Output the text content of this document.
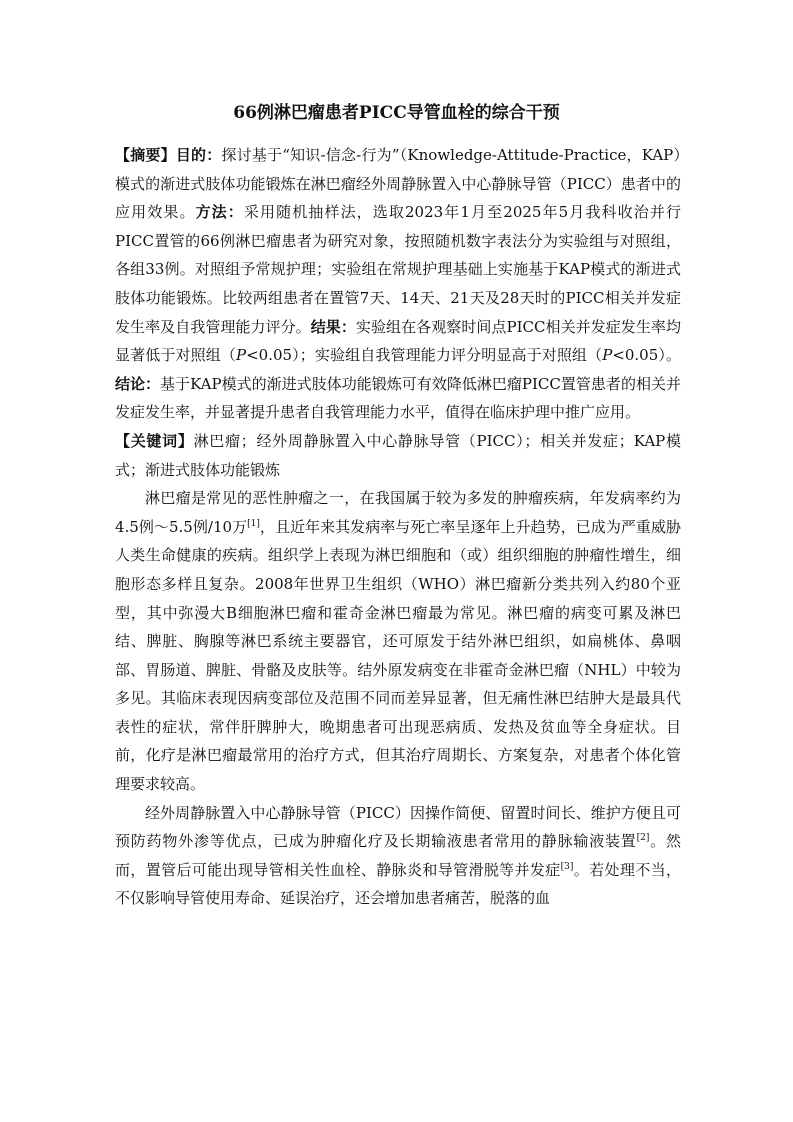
66例淋巴瘤患者PICC导管血栓的综合干预

【摘要】目的：探讨基于“知识-信念-行为”（Knowledge-Attitude-Practice，KAP）模式的渐进式肢体功能锻炼在淋巴瘤经外周静脉置入中心静脉导管（PICC）患者中的应用效果。方法：采用随机抽样法，选取2023年1月至2025年5月我科收治并行PICC置管的66例淋巴瘤患者为研究对象，按照随机数字表法分为实验组与对照组，各组33例。对照组予常规护理；实验组在常规护理基础上实施基于KAP模式的渐进式肢体功能锻炼。比较两组患者在置管7天、14天、21天及28天时的PICC相关并发症发生率及自我管理能力评分。结果：实验组在各观察时间点PICC相关并发症发生率均显著低于对照组（P<0.05）；实验组自我管理能力评分明显高于对照组（P<0.05）。结论：基于KAP模式的渐进式肢体功能锻炼可有效降低淋巴瘤PICC置管患者的相关并发症发生率，并显著提升患者自我管理能力水平，值得在临床护理中推广应用。

【关键词】淋巴瘤；经外周静脉置入中心静脉导管（PICC）；相关并发症；KAP模式；渐进式肢体功能锻炼

淋巴瘤是常见的恶性肿瘤之一，在我国属于较为多发的肿瘤疾病，年发病率约为4.5例～5.5例/10万[1]，且近年来其发病率与死亡率呈逐年上升趋势，已成为严重威胁人类生命健康的疾病。组织学上表现为淋巴细胞和（或）组织细胞的肿瘤性增生，细胞形态多样且复杂。2008年世界卫生组织（WHO）淋巴瘤新分类共列入约80个亚型，其中弥漫大B细胞淋巴瘤和霍奇金淋巴瘤最为常见。淋巴瘤的病变可累及淋巴结、脾脏、胸腺等淋巴系统主要器官，还可原发于结外淋巴组织，如扁桃体、鼻咽部、胃肠道、脾脏、骨骼及皮肤等。结外原发病变在非霍奇金淋巴瘤（NHL）中较为多见。其临床表现因病变部位及范围不同而差异显著，但无痛性淋巴结肿大是最具代表性的症状，常伴肝脾肿大，晚期患者可出现恶病质、发热及贫血等全身症状。目前，化疗是淋巴瘤最常用的治疗方式，但其治疗周期长、方案复杂，对患者个体化管理要求较高。

经外周静脉置入中心静脉导管（PICC）因操作简便、留置时间长、维护方便且可预防药物外渗等优点，已成为肿瘤化疗及长期输液患者常用的静脉输液装置[2]。然而，置管后可能出现导管相关性血栓、静脉炎和导管滑脱等并发症[3]。若处理不当，不仅影响导管使用寿命、延误治疗，还会增加患者痛苦，脱落的血
